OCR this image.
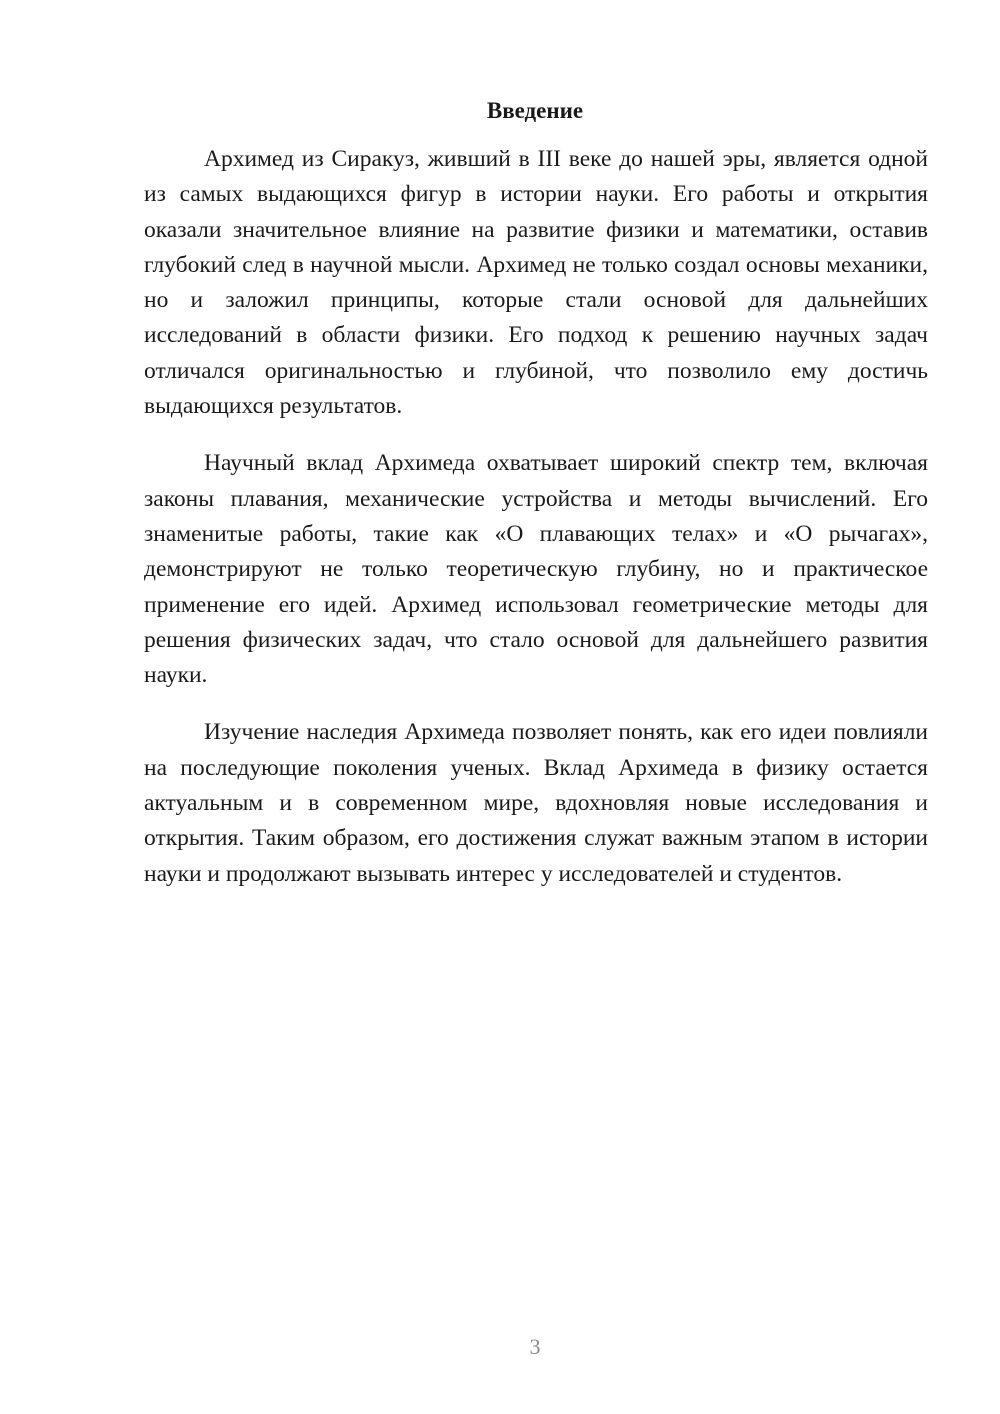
Введение

Архимед из Сиракуз, живший в III веке до нашей эры, является одной из самых выдающихся фигур в истории науки. Его работы и открытия оказали значительное влияние на развитие физики и математики, оставив глубокий след в научной мысли. Архимед не только создал основы механики, но и заложил принципы, которые стали основой для дальнейших исследований в области физики. Его подход к решению научных задач отличался оригинальностью и глубиной, что позволило ему достичь выдающихся результатов.

Научный вклад Архимеда охватывает широкий спектр тем, включая законы плавания, механические устройства и методы вычислений. Его знаменитые работы, такие как «О плавающих телах» и «О рычагах», демонстрируют не только теоретическую глубину, но и практическое применение его идей. Архимед использовал геометрические методы для решения физических задач, что стало основой для дальнейшего развития науки.

Изучение наследия Архимеда позволяет понять, как его идеи повлияли на последующие поколения ученых. Вклад Архимеда в физику остается актуальным и в современном мире, вдохновляя новые исследования и открытия. Таким образом, его достижения служат важным этапом в истории науки и продолжают вызывать интерес у исследователей и студентов.

3
